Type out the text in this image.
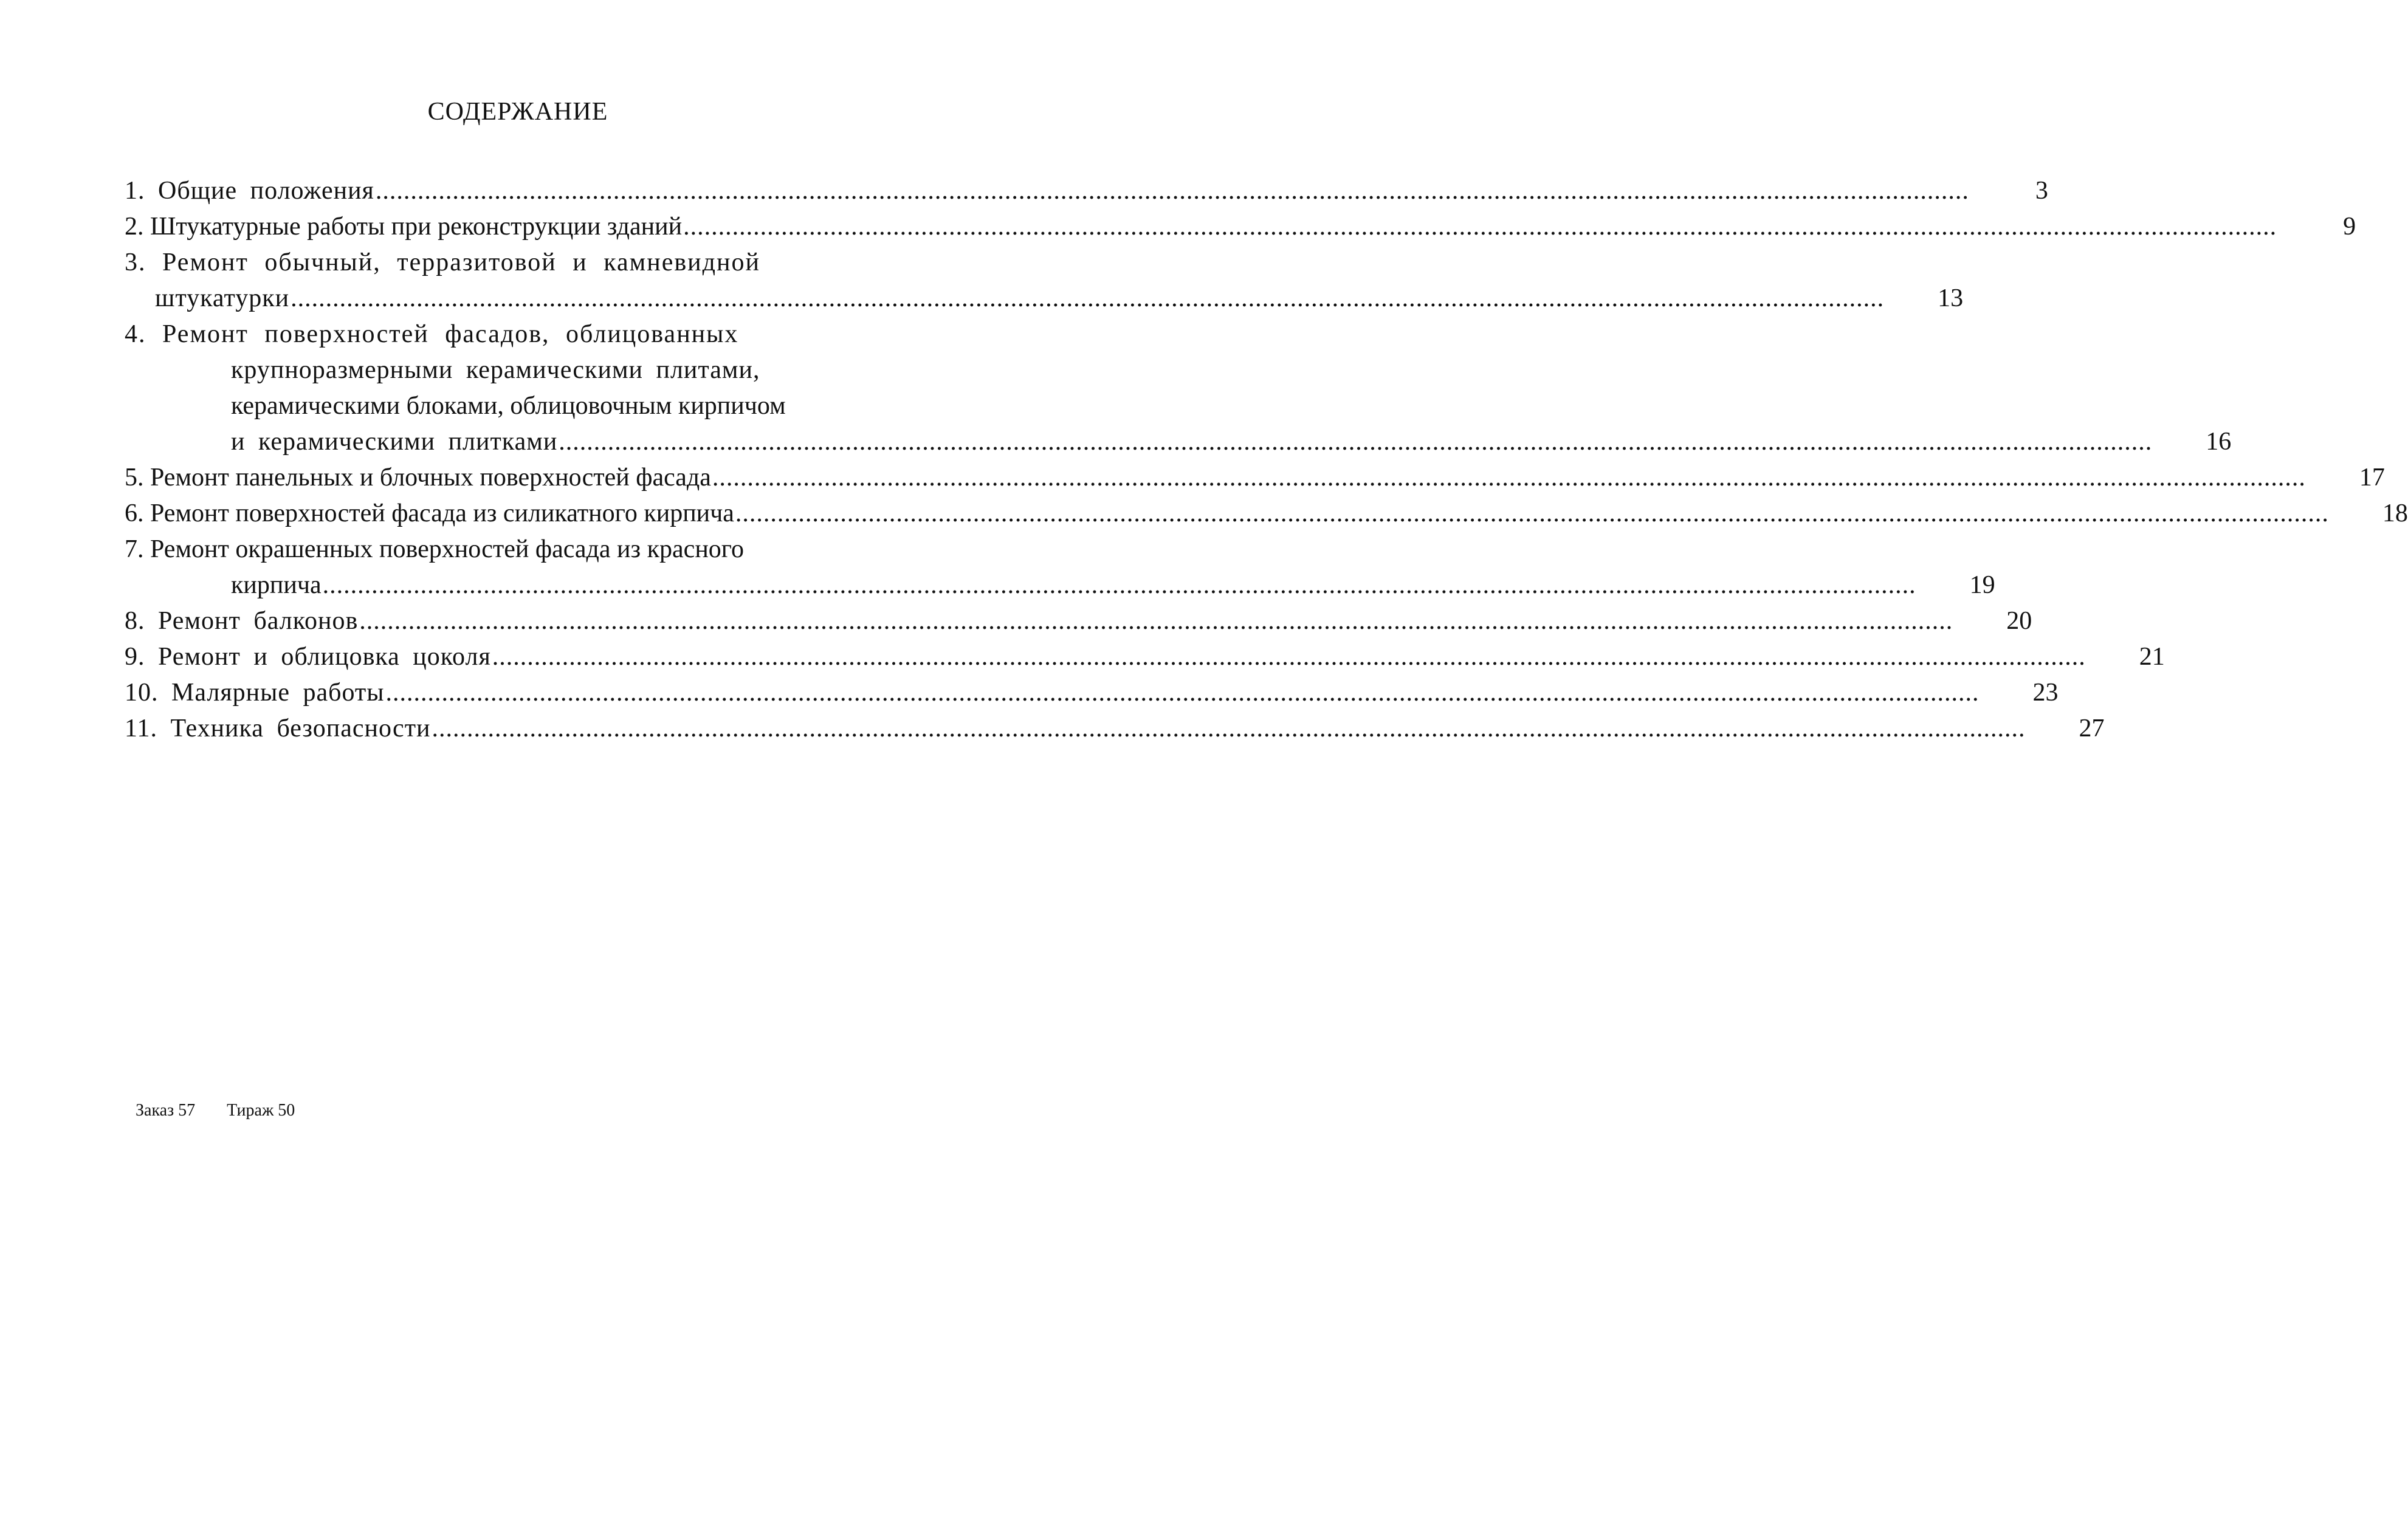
СОДЕРЖАНИЕ
1. Общие положения .....	3
2. Штукатурные работы при реконструкции зданий .....	9
3. Ремонт обычный, терразитовой и камневидной
штукатурки .....	13
4. Ремонт поверхностей фасадов, облицованных
крупноразмерными керамическими плитами,
керамическими блоками, облицовочным кирпичом
и керамическими плитками .....	16
5. Ремонт панельных и блочных поверхностей фасада .....	17
6. Ремонт поверхностей фасада из силикатного кирпича .....	18
7. Ремонт окрашенных поверхностей фасада из красного
кирпича .....	19
8. Ремонт балконов .....	20
9. Ремонт и облицовка цоколя .....	21
10. Малярные работы .....	23
11. Техника безопасности .....	27
Заказ 57 Тираж 50
